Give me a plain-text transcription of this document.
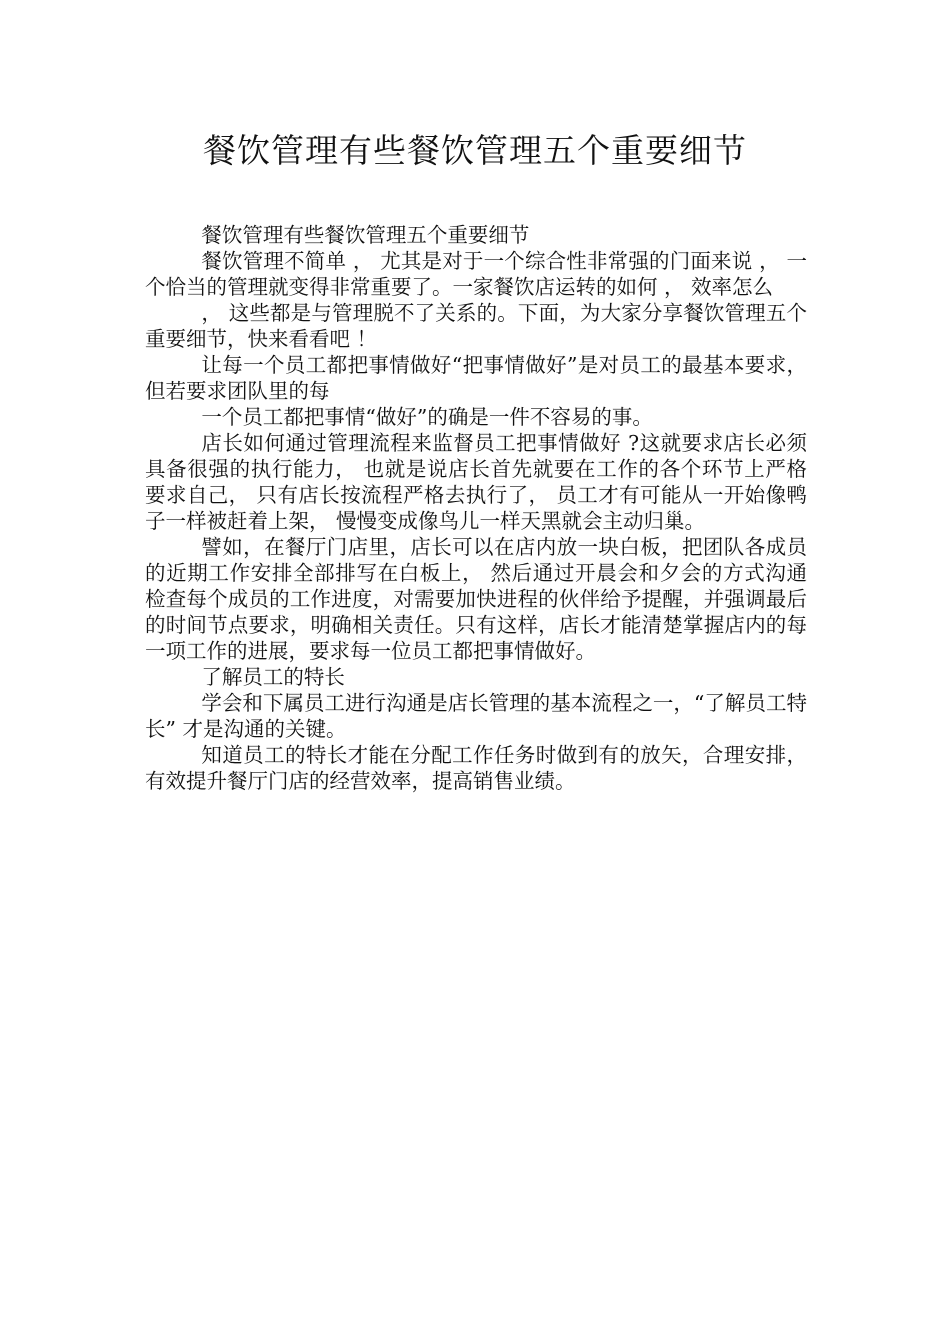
餐饮管理有些餐饮管理五个重要细节

餐饮管理有些餐饮管理五个重要细节

餐饮管理不简单 ， 尤其是对于一个综合性非常强的门面来说 ， 一个恰当的管理就变得非常重要了。一家餐饮店运转的如何 ， 效率怎么

， 这些都是与管理脱不了关系的。下面，为大家分享餐饮管理五个重要细节，快来看看吧 ！

让每一个员工都把事情做好“把事情做好”是对员工的最基本要求，但若要求团队里的每

一个员工都把事情“做好”的确是一件不容易的事。

店长如何通过管理流程来监督员工把事情做好 ?这就要求店长必须具备很强的执行能力， 也就是说店长首先就要在工作的各个环节上严格要求自己， 只有店长按流程严格去执行了， 员工才有可能从一开始像鸭子一样被赶着上架， 慢慢变成像鸟儿一样天黑就会主动归巢。

譬如，在餐厅门店里，店长可以在店内放一块白板，把团队各成员的近期工作安排全部排写在白板上， 然后通过开晨会和夕会的方式沟通检查每个成员的工作进度，对需要加快进程的伙伴给予提醒，并强调最后的时间节点要求，明确相关责任。只有这样，店长才能清楚掌握店内的每一项工作的进展，要求每一位员工都把事情做好。

了解员工的特长

学会和下属员工进行沟通是店长管理的基本流程之一，“了解员工特长” 才是沟通的关键。

知道员工的特长才能在分配工作任务时做到有的放矢，合理安排， 有效提升餐厅门店的经营效率，提高销售业绩。
